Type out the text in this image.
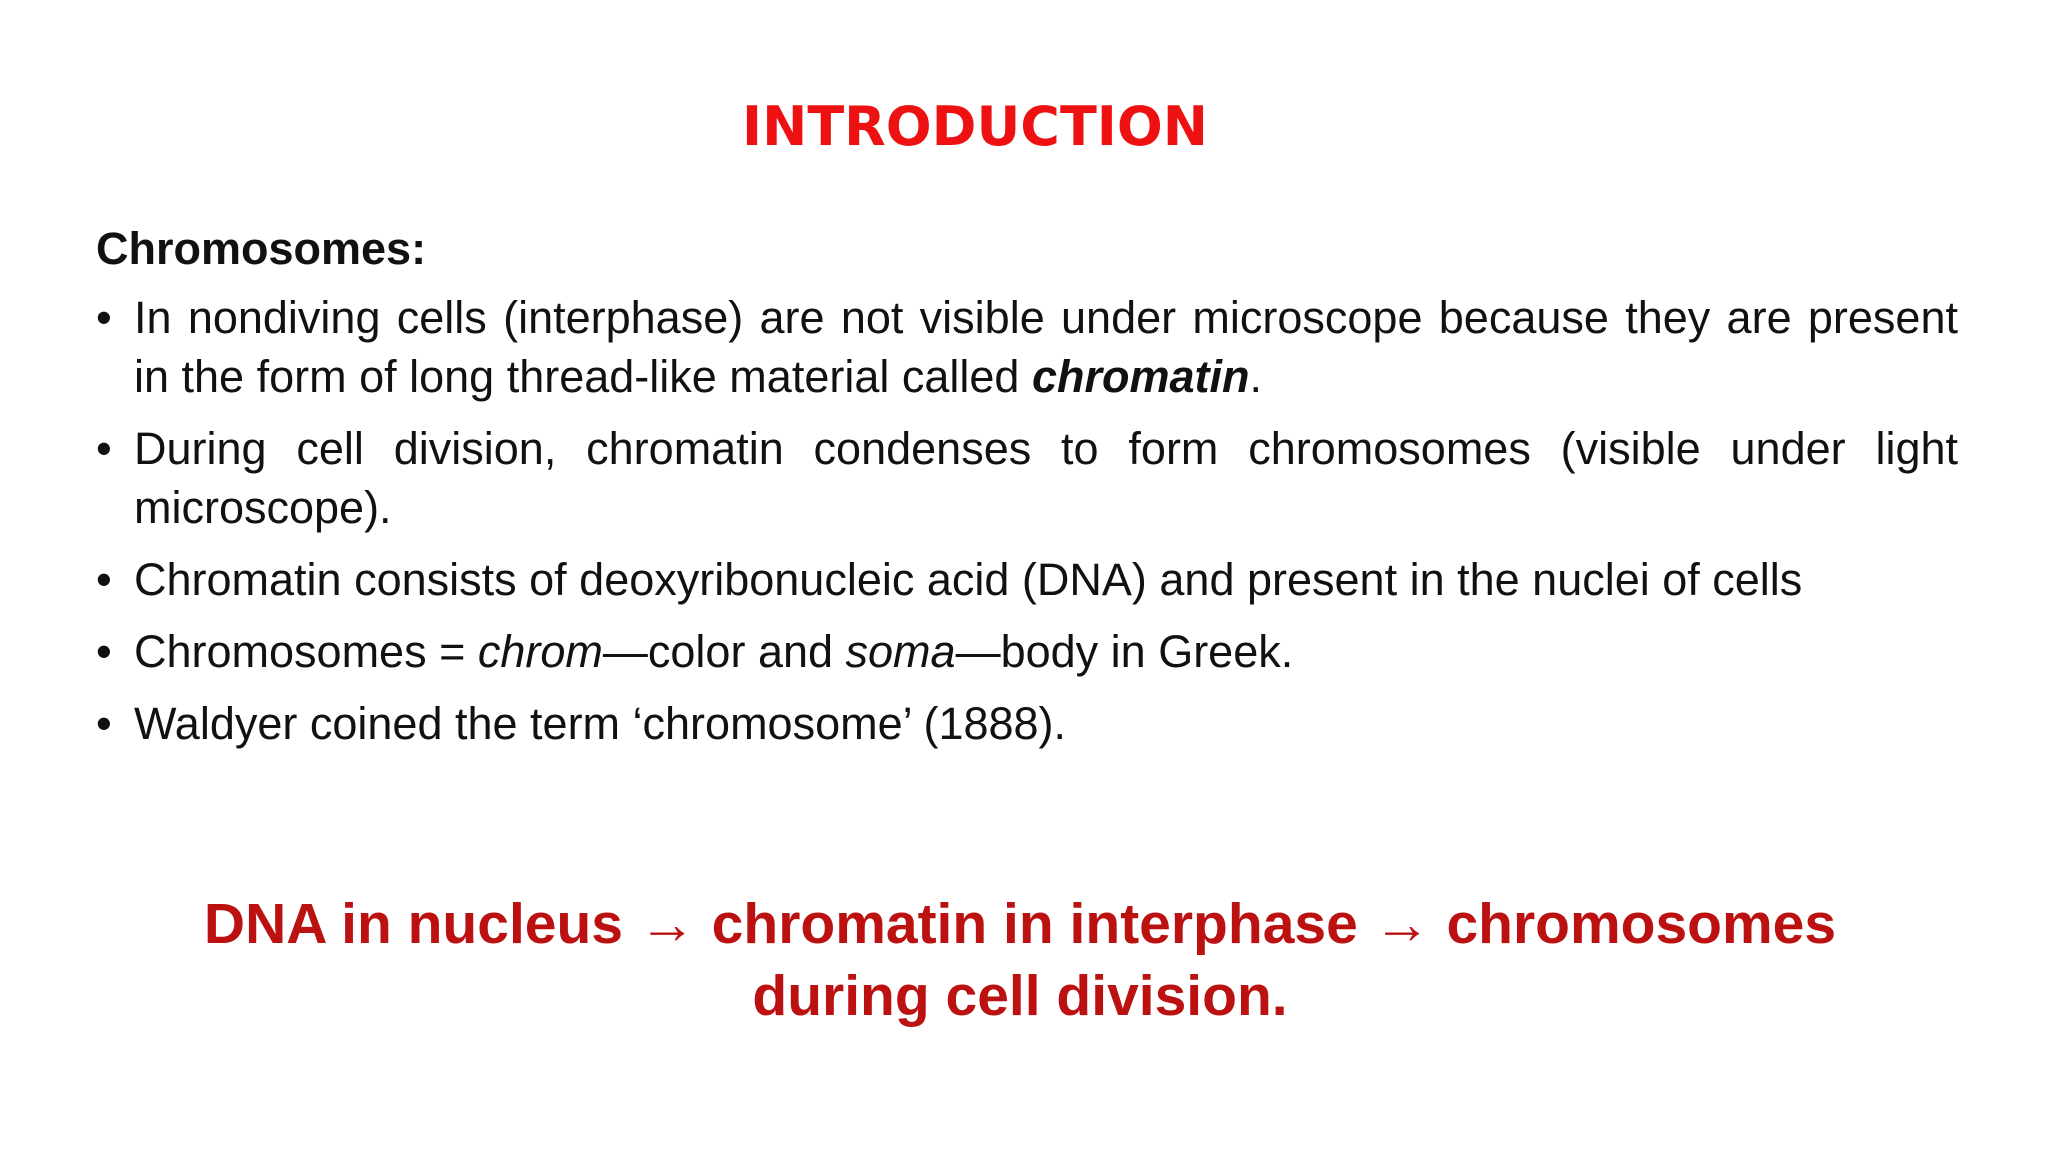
INTRODUCTION
Chromosomes:
• In nondiving cells (interphase) are not visible under microscope because they are present in the form of long thread-like material called chromatin.
• During cell division, chromatin condenses to form chromosomes (visible under light microscope).
• Chromatin consists of deoxyribonucleic acid (DNA) and present in the nuclei of cells
• Chromosomes = chrom—color and soma—body in Greek.
• Waldyer coined the term ‘chromosome’ (1888).
DNA in nucleus → chromatin in interphase → chromosomes
during cell division.
